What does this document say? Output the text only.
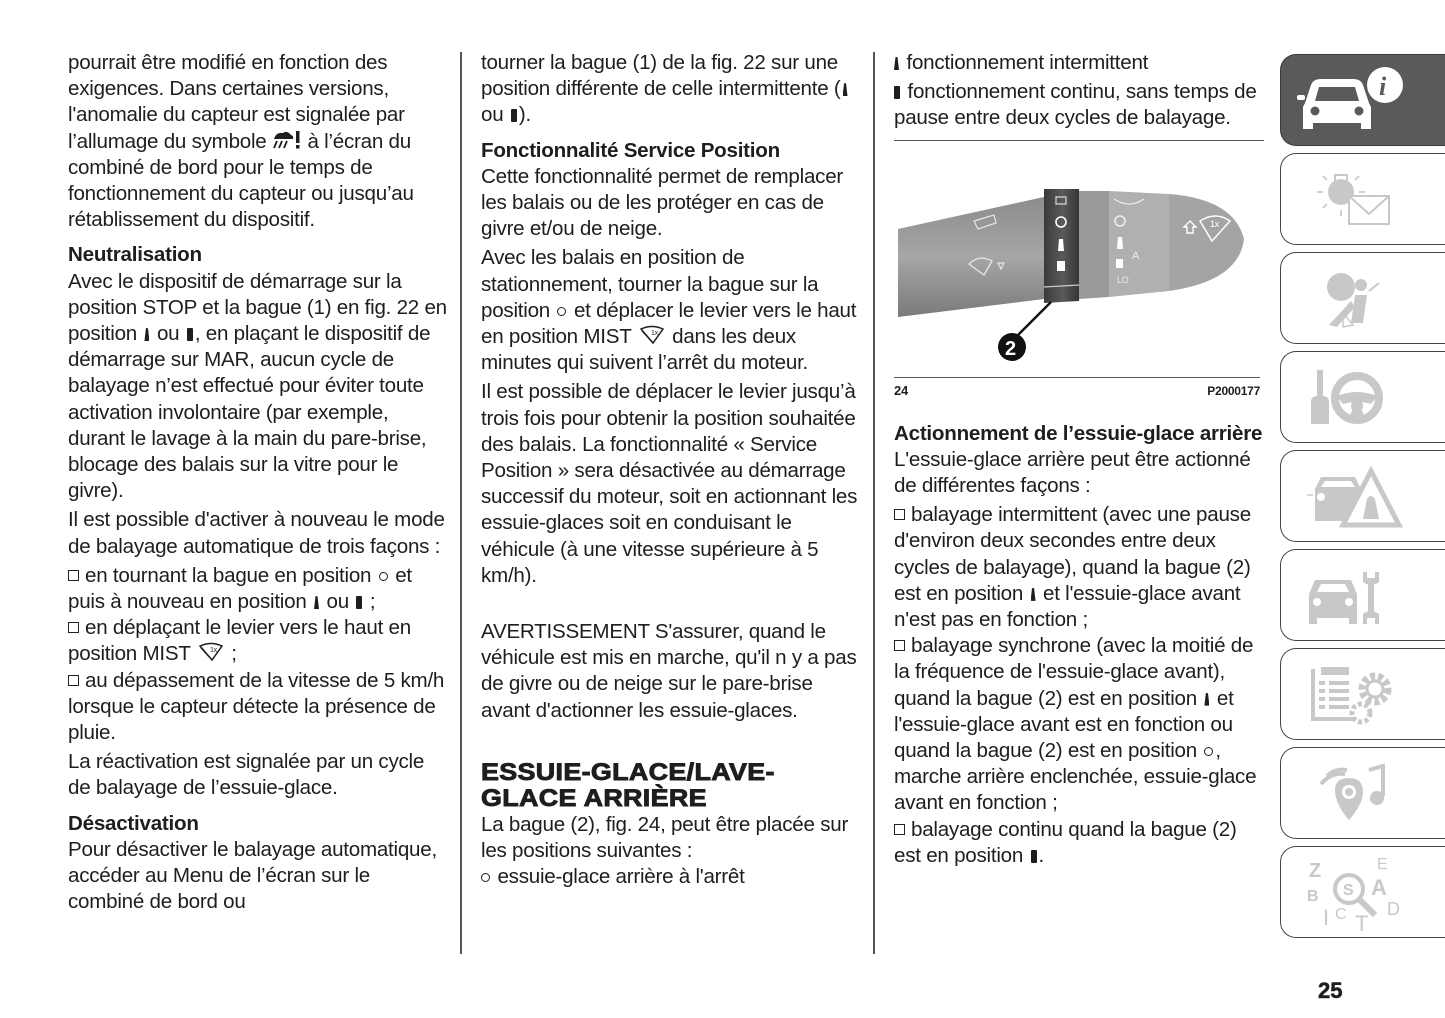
pourrait être modifié en fonction des exigences. Dans certaines versions, l'anomalie du capteur est signalée par l’allumage du symbole  à l’écran du combiné de bord pour le temps de fonctionnement du capteur ou jusqu’au rétablissement du dispositif.

Neutralisation

Avec le dispositif de démarrage sur la position STOP et la bague (1) en fig. 22 en position  ou , en plaçant le dispositif de démarrage sur MAR, aucun cycle de balayage n’est effectué pour éviter toute activation involontaire (par exemple, durant le lavage à la main du pare-brise, blocage des balais sur la vitre pour le givre).

Il est possible d'activer à nouveau le mode de balayage automatique de trois façons :

en tournant la bague en position  et puis à nouveau en position  ou  ;

en déplaçant le levier vers le haut en position MIST	1x ;

au dépassement de la vitesse de 5 km/h lorsque le capteur détecte la présence de pluie.

La réactivation est signalée par un cycle de balayage de l’essuie-glace.

Désactivation

Pour désactiver le balayage automatique, accéder au Menu de l’écran sur le combiné de bord ou

tourner la bague (1) de la fig. 22 sur une position différente de celle intermittente ( ou ).

Fonctionnalité Service Position

Cette fonctionnalité permet de remplacer les balais ou de les protéger en cas de givre et/ou de neige.

Avec les balais en position de stationnement, tourner la bague sur la position  et déplacer le levier vers le haut en position MIST	1x dans les deux minutes qui suivent l’arrêt du moteur.

Il est possible de déplacer le levier jusqu’à trois fois pour obtenir la position souhaitée des balais. La fonctionnalité « Service Position » sera désactivée au démarrage successif du moteur, soit en actionnant les essuie-glaces soit en conduisant le véhicule (à une vitesse supérieure à 5 km/h).

AVERTISSEMENT S'assurer, quand le véhicule est mis en marche, qu'il n y a pas de givre ou de neige sur le pare-brise avant d'actionner les essuie-glaces.

ESSUIE-GLACE/LAVE-

GLACE ARRIÈRE

La bague (2), fig. 24, peut être placée sur les positions suivantes :

essuie-glace arrière à l'arrêt

fonctionnement intermittent

fonctionnement continu, sans temps de pause entre deux cycles de balayage.

A
LO
1x
2
24	P2000177

Actionnement de l’essuie-glace arrière

L'essuie-glace arrière peut être actionné de différentes façons :

balayage intermittent (avec une pause d'environ deux secondes entre deux cycles de balayage), quand la bague (2) est en position  et l'essuie-glace avant n'est pas en fonction ;

balayage synchrone (avec la moitié de la fréquence de l'essuie-glace avant), quand la bague (2) est en position  et l'essuie-glace avant est en fonction ou quand la bague (2) est en position , marche arrière enclenchée, essuie-glace avant en fonction ;

balayage continu quand la bague (2) est en position .

i
Z	E
B A
I C T
D
S
25
